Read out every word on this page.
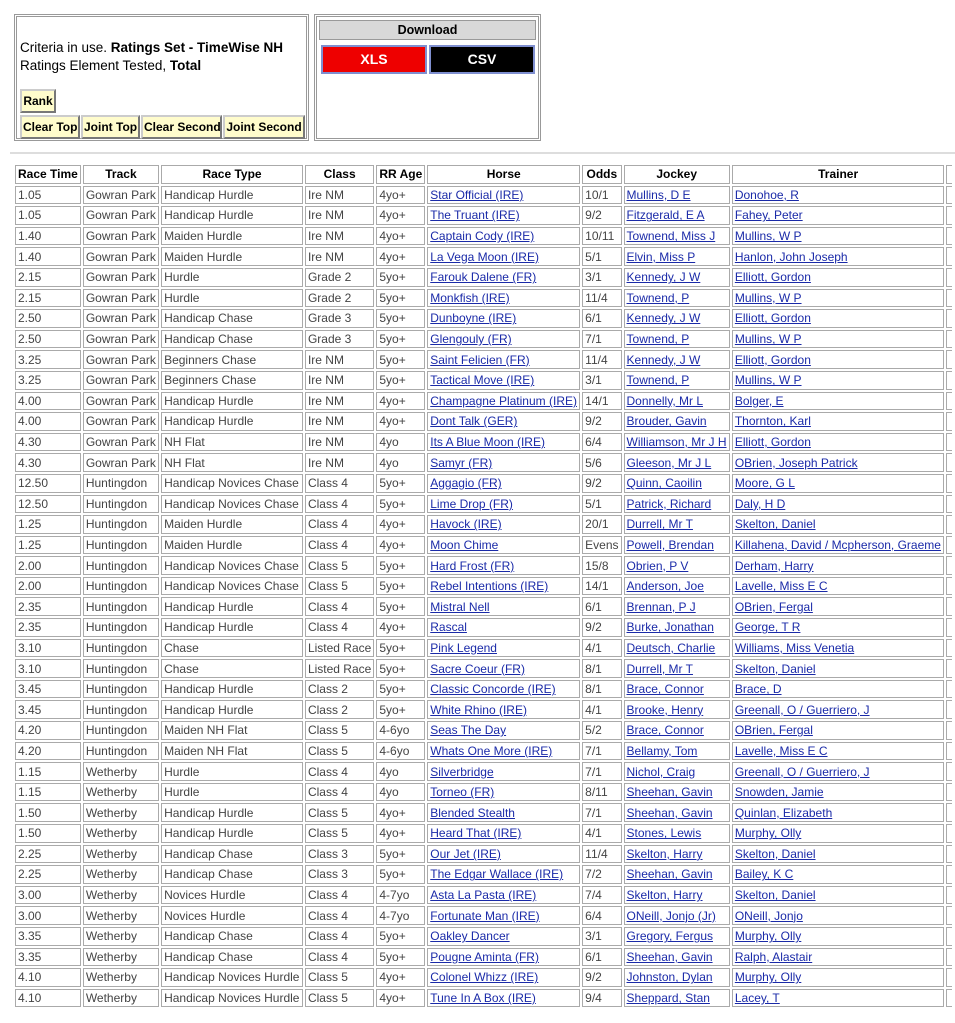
Criteria in use. Ratings Set - TimeWise NH
Ratings Element Tested, Total
Rank
Clear Top Joint Top Clear Second Joint Second
Download
XLS	CSV
Race Time	Track	Race Type	Class	RR Age	Horse	Odds	Jockey	Trainer	
1.05	Gowran Park	Handicap Hurdle	Ire NM	4yo+	Star Official (IRE)	10/1	Mullins, D E	Donohoe, R	
1.05	Gowran Park	Handicap Hurdle	Ire NM	4yo+	The Truant (IRE)	9/2	Fitzgerald, E A	Fahey, Peter	
1.40	Gowran Park	Maiden Hurdle	Ire NM	4yo+	Captain Cody (IRE)	10/11	Townend, Miss J	Mullins, W P	
1.40	Gowran Park	Maiden Hurdle	Ire NM	4yo+	La Vega Moon (IRE)	5/1	Elvin, Miss P	Hanlon, John Joseph	
2.15	Gowran Park	Hurdle	Grade 2	5yo+	Farouk Dalene (FR)	3/1	Kennedy, J W	Elliott, Gordon	
2.15	Gowran Park	Hurdle	Grade 2	5yo+	Monkfish (IRE)	11/4	Townend, P	Mullins, W P	
2.50	Gowran Park	Handicap Chase	Grade 3	5yo+	Dunboyne (IRE)	6/1	Kennedy, J W	Elliott, Gordon	
2.50	Gowran Park	Handicap Chase	Grade 3	5yo+	Glengouly (FR)	7/1	Townend, P	Mullins, W P	
3.25	Gowran Park	Beginners Chase	Ire NM	5yo+	Saint Felicien (FR)	11/4	Kennedy, J W	Elliott, Gordon	
3.25	Gowran Park	Beginners Chase	Ire NM	5yo+	Tactical Move (IRE)	3/1	Townend, P	Mullins, W P	
4.00	Gowran Park	Handicap Hurdle	Ire NM	4yo+	Champagne Platinum (IRE)	14/1	Donnelly, Mr L	Bolger, E	
4.00	Gowran Park	Handicap Hurdle	Ire NM	4yo+	Dont Talk (GER)	9/2	Brouder, Gavin	Thornton, Karl	
4.30	Gowran Park	NH Flat	Ire NM	4yo	Its A Blue Moon (IRE)	6/4	Williamson, Mr J H	Elliott, Gordon	
4.30	Gowran Park	NH Flat	Ire NM	4yo	Samyr (FR)	5/6	Gleeson, Mr J L	OBrien, Joseph Patrick	
12.50	Huntingdon	Handicap Novices Chase	Class 4	5yo+	Aggagio (FR)	9/2	Quinn, Caoilin	Moore, G L	
12.50	Huntingdon	Handicap Novices Chase	Class 4	5yo+	Lime Drop (FR)	5/1	Patrick, Richard	Daly, H D	
1.25	Huntingdon	Maiden Hurdle	Class 4	4yo+	Havock (IRE)	20/1	Durrell, Mr T	Skelton, Daniel	
1.25	Huntingdon	Maiden Hurdle	Class 4	4yo+	Moon Chime	Evens	Powell, Brendan	Killahena, David / Mcpherson, Graeme	
2.00	Huntingdon	Handicap Novices Chase	Class 5	5yo+	Hard Frost (FR)	15/8	Obrien, P V	Derham, Harry	
2.00	Huntingdon	Handicap Novices Chase	Class 5	5yo+	Rebel Intentions (IRE)	14/1	Anderson, Joe	Lavelle, Miss E C	
2.35	Huntingdon	Handicap Hurdle	Class 4	5yo+	Mistral Nell	6/1	Brennan, P J	OBrien, Fergal	
2.35	Huntingdon	Handicap Hurdle	Class 4	4yo+	Rascal	9/2	Burke, Jonathan	George, T R	
3.10	Huntingdon	Chase	Listed Race	5yo+	Pink Legend	4/1	Deutsch, Charlie	Williams, Miss Venetia	
3.10	Huntingdon	Chase	Listed Race	5yo+	Sacre Coeur (FR)	8/1	Durrell, Mr T	Skelton, Daniel	
3.45	Huntingdon	Handicap Hurdle	Class 2	5yo+	Classic Concorde (IRE)	8/1	Brace, Connor	Brace, D	
3.45	Huntingdon	Handicap Hurdle	Class 2	5yo+	White Rhino (IRE)	4/1	Brooke, Henry	Greenall, O / Guerriero, J	
4.20	Huntingdon	Maiden NH Flat	Class 5	4-6yo	Seas The Day	5/2	Brace, Connor	OBrien, Fergal	
4.20	Huntingdon	Maiden NH Flat	Class 5	4-6yo	Whats One More (IRE)	7/1	Bellamy, Tom	Lavelle, Miss E C	
1.15	Wetherby	Hurdle	Class 4	4yo	Silverbridge	7/1	Nichol, Craig	Greenall, O / Guerriero, J	
1.15	Wetherby	Hurdle	Class 4	4yo	Torneo (FR)	8/11	Sheehan, Gavin	Snowden, Jamie	
1.50	Wetherby	Handicap Hurdle	Class 5	4yo+	Blended Stealth	7/1	Sheehan, Gavin	Quinlan, Elizabeth	
1.50	Wetherby	Handicap Hurdle	Class 5	4yo+	Heard That (IRE)	4/1	Stones, Lewis	Murphy, Olly	
2.25	Wetherby	Handicap Chase	Class 3	5yo+	Our Jet (IRE)	11/4	Skelton, Harry	Skelton, Daniel	
2.25	Wetherby	Handicap Chase	Class 3	5yo+	The Edgar Wallace (IRE)	7/2	Sheehan, Gavin	Bailey, K C	
3.00	Wetherby	Novices Hurdle	Class 4	4-7yo	Asta La Pasta (IRE)	7/4	Skelton, Harry	Skelton, Daniel	
3.00	Wetherby	Novices Hurdle	Class 4	4-7yo	Fortunate Man (IRE)	6/4	ONeill, Jonjo (Jr)	ONeill, Jonjo	
3.35	Wetherby	Handicap Chase	Class 4	5yo+	Oakley Dancer	3/1	Gregory, Fergus	Murphy, Olly	
3.35	Wetherby	Handicap Chase	Class 4	5yo+	Pougne Aminta (FR)	6/1	Sheehan, Gavin	Ralph, Alastair	
4.10	Wetherby	Handicap Novices Hurdle	Class 5	4yo+	Colonel Whizz (IRE)	9/2	Johnston, Dylan	Murphy, Olly	
4.10	Wetherby	Handicap Novices Hurdle	Class 5	4yo+	Tune In A Box (IRE)	9/4	Sheppard, Stan	Lacey, T	
